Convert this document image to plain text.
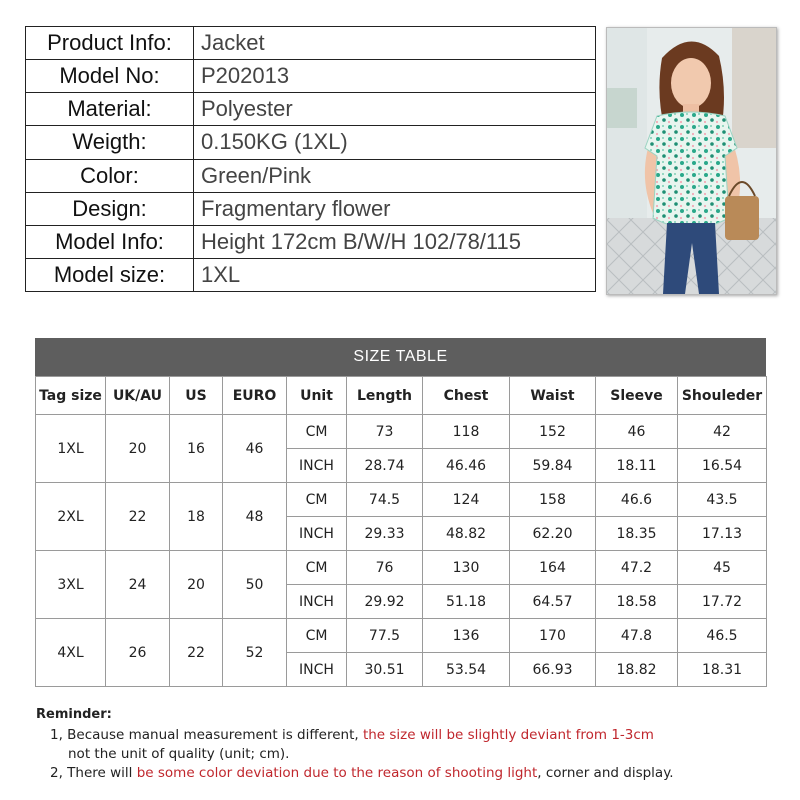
Product Info:	Jacket
Model No:	P202013
Material:	Polyester
Weigth:	0.150KG (1XL)
Color:	Green/Pink
Design:	Fragmentary flower
Model Info:	Height 172cm B/W/H 102/78/115
Model size:	1XL
SIZE TABLE
Tag size	UK/AU	US	EURO	Unit	Length	Chest	Waist	Sleeve	Shouleder
1XL	20	16	46	CM	73	118	152	46	42
				INCH	28.74	46.46	59.84	18.11	16.54
2XL	22	18	48	CM	74.5	124	158	46.6	43.5
				INCH	29.33	48.82	62.20	18.35	17.13
3XL	24	20	50	CM	76	130	164	47.2	45
				INCH	29.92	51.18	64.57	18.58	17.72
4XL	26	22	52	CM	77.5	136	170	47.8	46.5
				INCH	30.51	53.54	66.93	18.82	18.31
Reminder:
1, Because manual measurement is different, the size will be slightly deviant from 1-3cm
not the unit of quality (unit; cm).
2, There will be some color deviation due to the reason of shooting light, corner and display.
